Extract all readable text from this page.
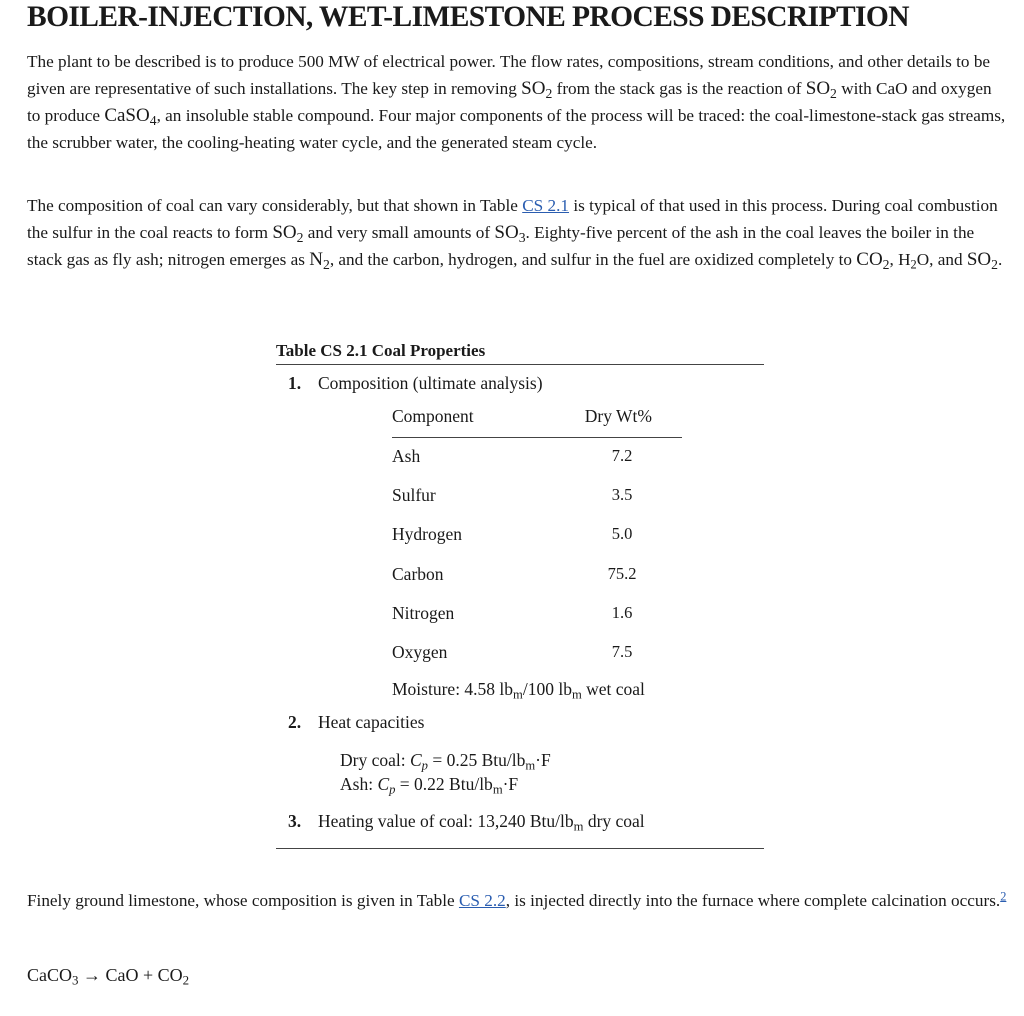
BOILER-INJECTION, WET-LIMESTONE PROCESS DESCRIPTION

The plant to be described is to produce 500 MW of electrical power. The flow rates, compositions, stream conditions, and other details to be given are representative of such installations. The key step in removing $SO_2$ from the stack gas is the reaction of $SO_2$ with CaO and oxygen to produce CaSO$_4$, an insoluble stable compound. Four major components of the process will be traced: the coal-limestone-stack gas streams, the scrubber water, the cooling-heating water cycle, and the generated steam cycle.

The composition of coal can vary considerably, but that shown in Table CS 2.1 is typical of that used in this process. During coal combustion the sulfur in the coal reacts to form $SO_2$ and very small amounts of $SO_3$. Eighty-five percent of the ash in the coal leaves the boiler in the stack gas as fly ash; nitrogen emerges as $N_2$, and the carbon, hydrogen, and sulfur in the fuel are oxidized completely to $CO_2$, $H_2O$, and $SO_2$.

Table CS 2.1 Coal Properties
1. Composition (ultimate analysis)
Component	Dry Wt%
Ash	7.2
Sulfur	3.5
Hydrogen	5.0
Carbon	75.2
Nitrogen	1.6
Oxygen	7.5
Moisture: 4.58 $lb_m/100$ $lb_m$ wet coal
2. Heat capacities
Dry coal: $C_p = 0.25$ Btu/$lb_m\cdot F$
Ash: $C_p = 0.22$ Btu/$lb_m\cdot F$
3. Heating value of coal: 13,240 Btu/$lb_m$ dry coal

Finely ground limestone, whose composition is given in Table CS 2.2, is injected directly into the furnace where complete calcination occurs.$^2$

CaCO$_3$ → CaO + $CO_2$
